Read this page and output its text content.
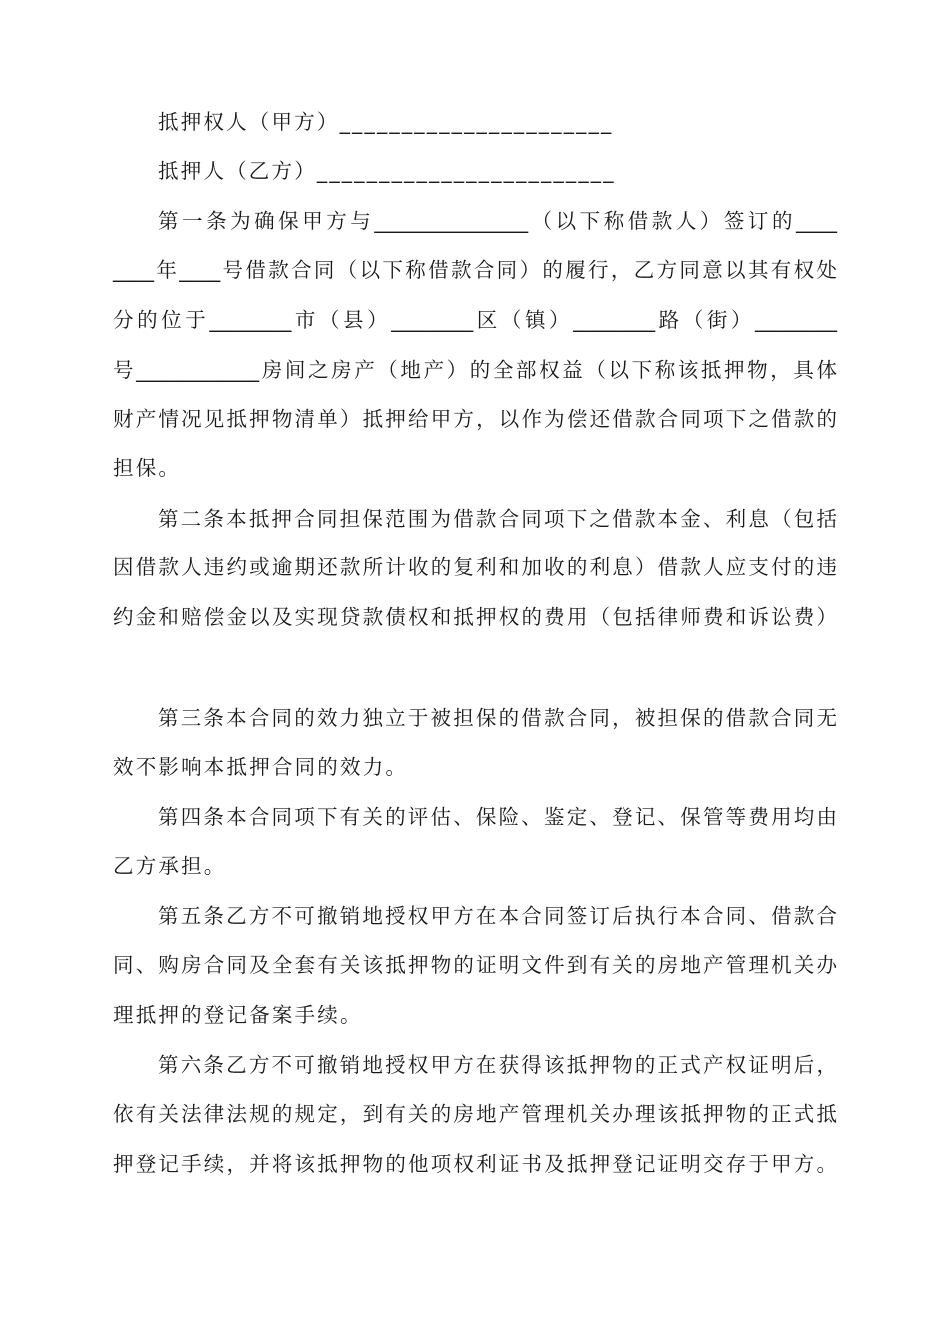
抵押权人（甲方）______________________
抵押人（乙方）________________________
第一条为确保甲方与_______________（以下称借款人）签订的____
____年____号借款合同（以下称借款合同）的履行，乙方同意以其有权处
分的位于________市（县）________区（镇）________路（街）________
号____________房间之房产（地产）的全部权益（以下称该抵押物，具体
财产情况见抵押物清单）抵押给甲方，以作为偿还借款合同项下之借款的
担保。
第二条本抵押合同担保范围为借款合同项下之借款本金、利息（包括
因借款人违约或逾期还款所计收的复利和加收的利息）借款人应支付的违
约金和赔偿金以及实现贷款债权和抵押权的费用（包括律师费和诉讼费）
第三条本合同的效力独立于被担保的借款合同，被担保的借款合同无
效不影响本抵押合同的效力。
第四条本合同项下有关的评估、保险、鉴定、登记、保管等费用均由
乙方承担。
第五条乙方不可撤销地授权甲方在本合同签订后执行本合同、借款合
同、购房合同及全套有关该抵押物的证明文件到有关的房地产管理机关办
理抵押的登记备案手续。
第六条乙方不可撤销地授权甲方在获得该抵押物的正式产权证明后，
依有关法律法规的规定，到有关的房地产管理机关办理该抵押物的正式抵
押登记手续，并将该抵押物的他项权利证书及抵押登记证明交存于甲方。
